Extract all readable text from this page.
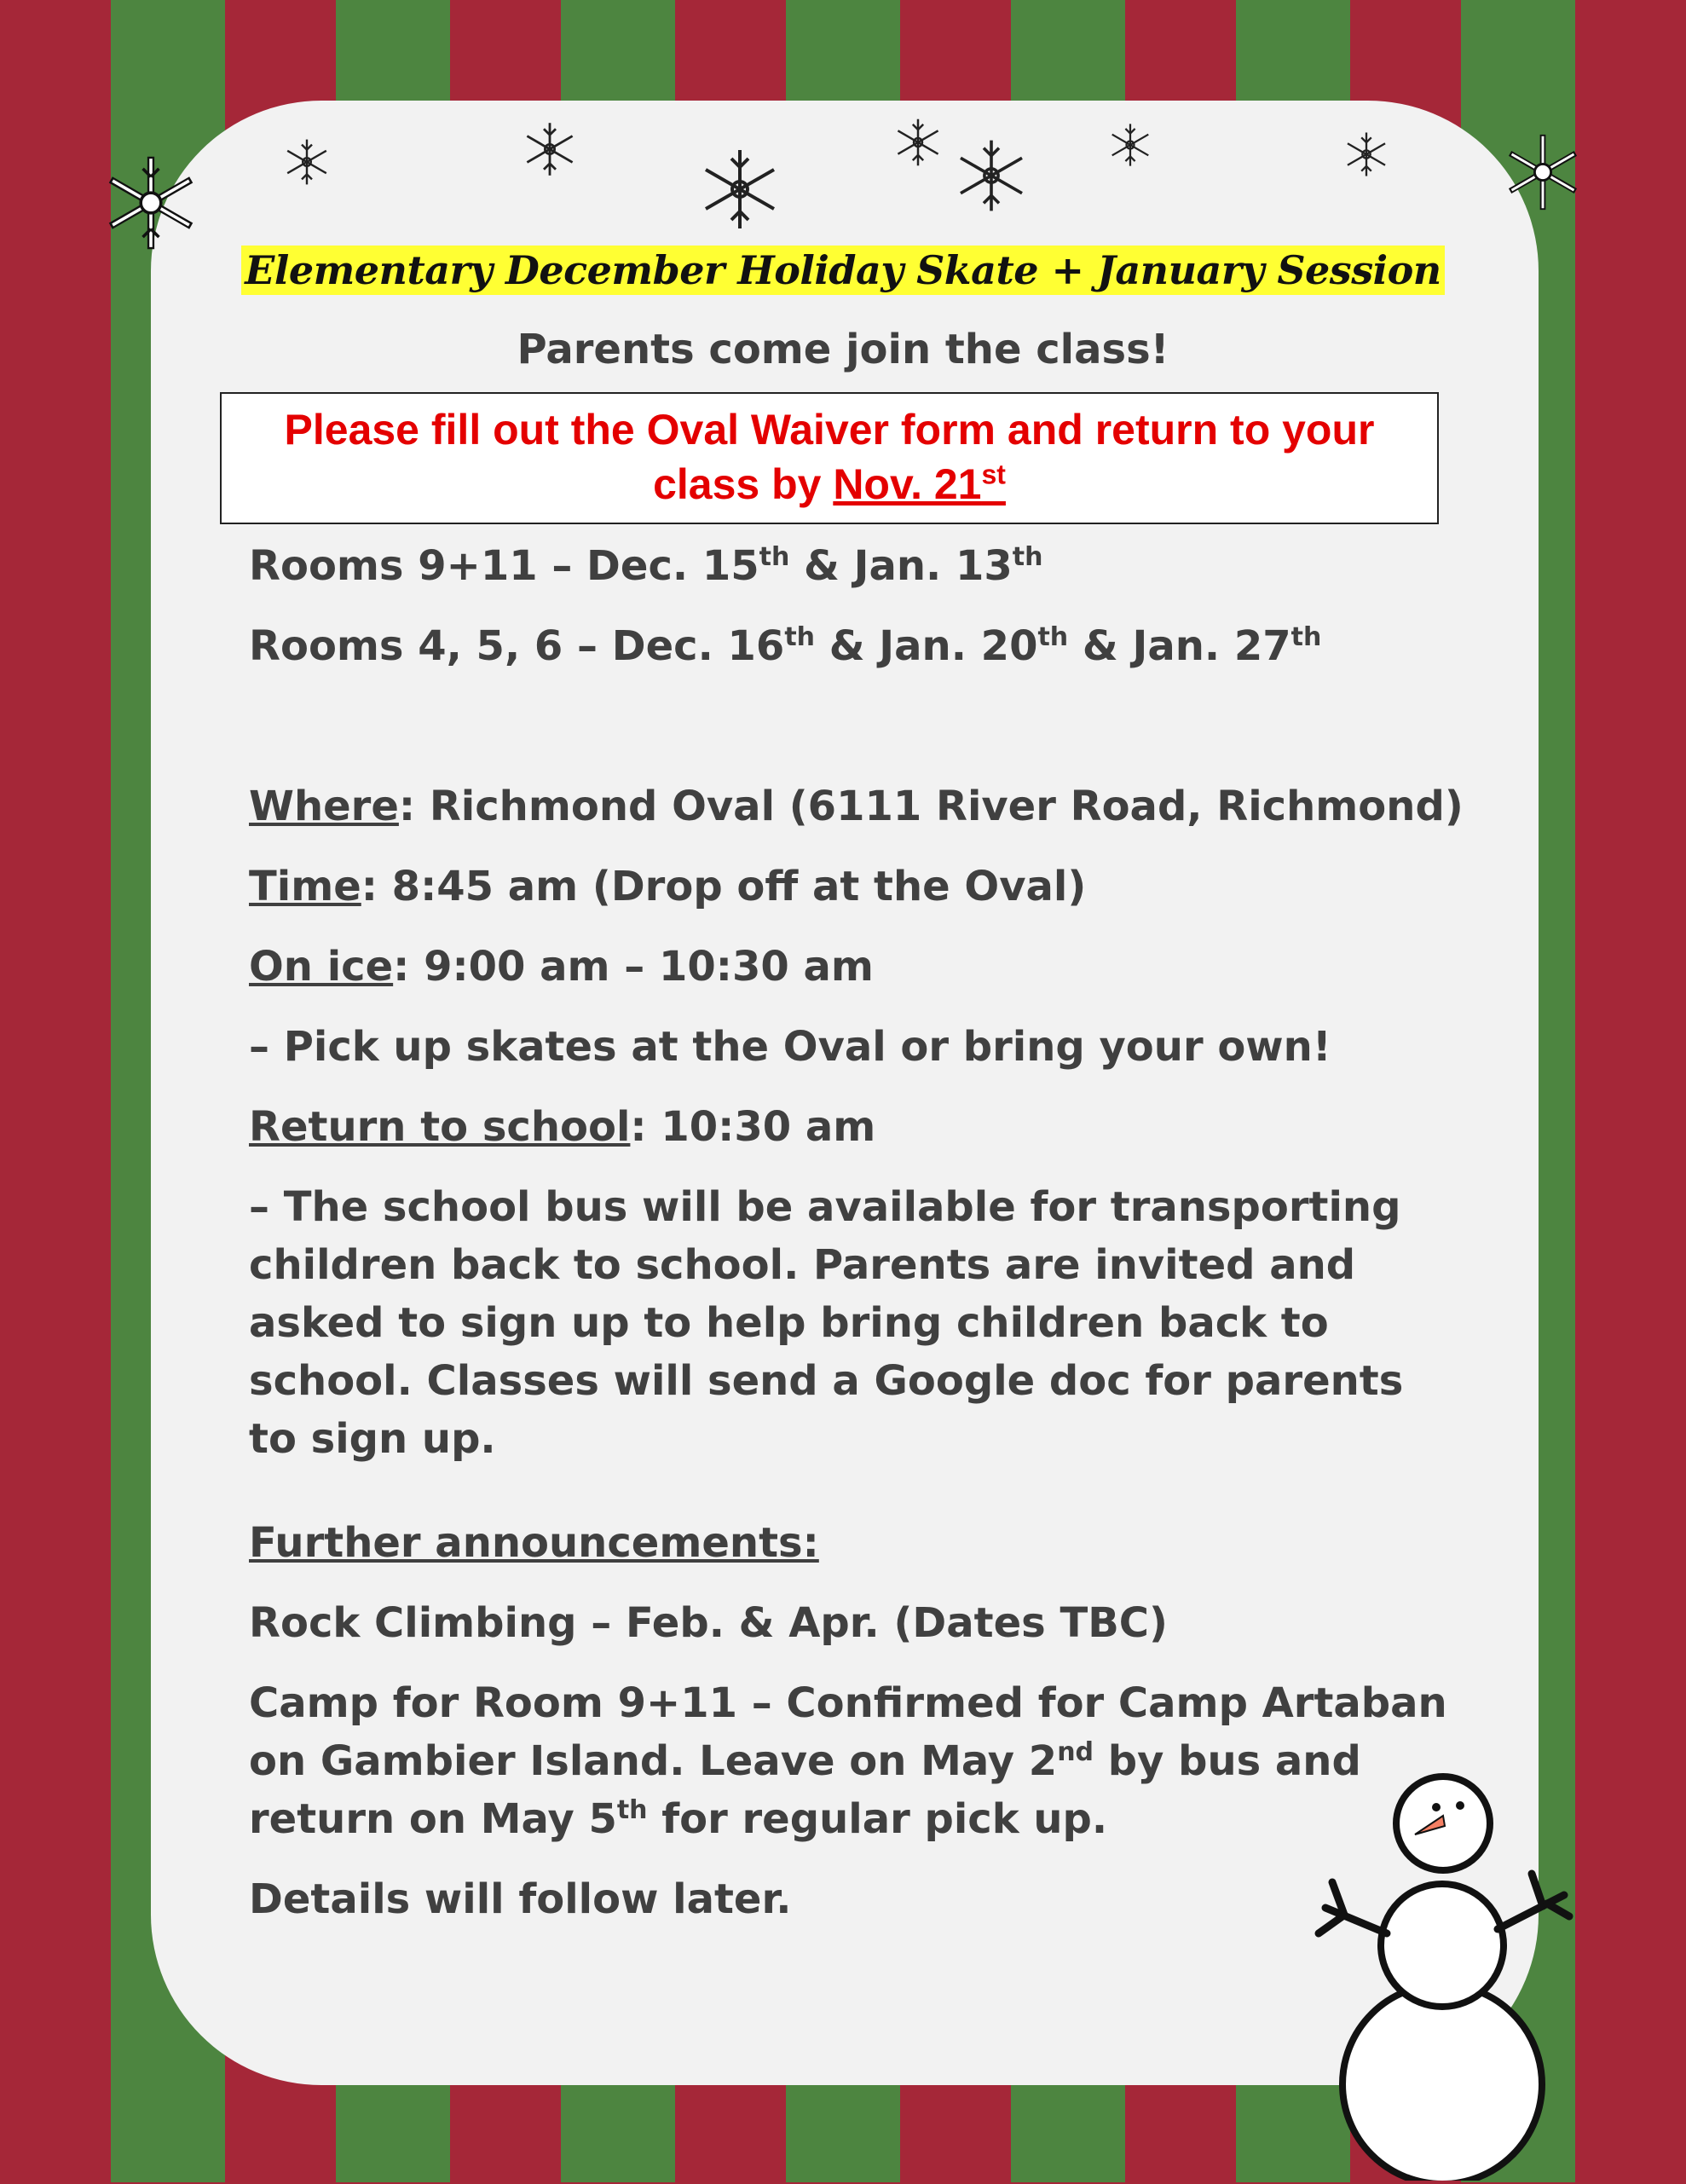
Elementary December Holiday Skate + January Session
Parents come join the class!
Please fill out the Oval Waiver form and return to your
class by Nov. 21st
Rooms 9+11 – Dec. 15th & Jan. 13th
Rooms 4, 5, 6 – Dec. 16th & Jan. 20th & Jan. 27th
Where: Richmond Oval (6111 River Road, Richmond)
Time: 8:45 am (Drop off at the Oval)
On ice: 9:00 am – 10:30 am
– Pick up skates at the Oval or bring your own!
Return to school: 10:30 am
– The school bus will be available for transporting children back to school. Parents are invited and asked to sign up to help bring children back to school. Classes will send a Google doc for parents to sign up.
Further announcements:
Rock Climbing – Feb. & Apr. (Dates TBC)
Camp for Room 9+11 – Confirmed for Camp Artaban on Gambier Island. Leave on May 2nd by bus and return on May 5th for regular pick up.
Details will follow later.
